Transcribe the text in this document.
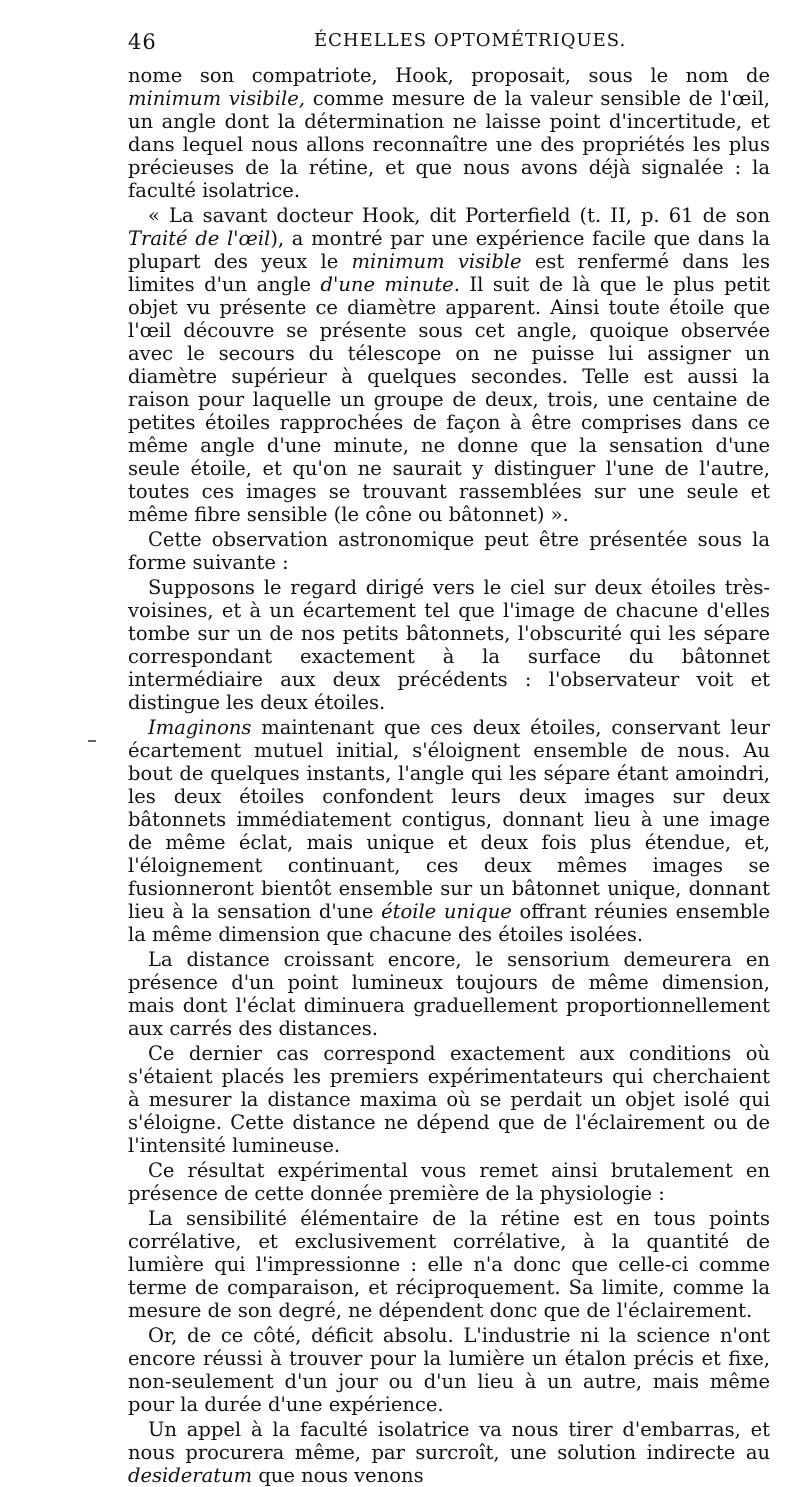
46	ÉCHELLES OPTOMÉTRIQUES.

nome son compatriote, Hook, proposait, sous le nom de minimum visibile, comme mesure de la valeur sensible de l'œil, un angle dont la détermination ne laisse point d'incertitude, et dans lequel nous allons reconnaître une des propriétés les plus précieuses de la rétine, et que nous avons déjà signalée : la faculté isolatrice.

« La savant docteur Hook, dit Porterfield (t. II, p. 61 de son Traité de l'œil), a montré par une expérience facile que dans la plupart des yeux le minimum visible est renfermé dans les limites d'un angle d'une minute. Il suit de là que le plus petit objet vu présente ce diamètre apparent. Ainsi toute étoile que l'œil découvre se présente sous cet angle, quoique observée avec le secours du télescope on ne puisse lui assigner un diamètre supérieur à quelques secondes. Telle est aussi la raison pour laquelle un groupe de deux, trois, une centaine de petites étoiles rapprochées de façon à être comprises dans ce même angle d'une minute, ne donne que la sensation d'une seule étoile, et qu'on ne saurait y distinguer l'une de l'autre, toutes ces images se trouvant rassemblées sur une seule et même fibre sensible (le cône ou bâtonnet) ».

Cette observation astronomique peut être présentée sous la forme suivante :

Supposons le regard dirigé vers le ciel sur deux étoiles très-voisines, et à un écartement tel que l'image de chacune d'elles tombe sur un de nos petits bâtonnets, l'obscurité qui les sépare correspondant exactement à la surface du bâtonnet intermédiaire aux deux précédents : l'observateur voit et distingue les deux étoiles.

Imaginons maintenant que ces deux étoiles, conservant leur écartement mutuel initial, s'éloignent ensemble de nous. Au bout de quelques instants, l'angle qui les sépare étant amoindri, les deux étoiles confondent leurs deux images sur deux bâtonnets immédiatement contigus, donnant lieu à une image de même éclat, mais unique et deux fois plus étendue, et, l'éloignement continuant, ces deux mêmes images se fusionneront bientôt ensemble sur un bâtonnet unique, donnant lieu à la sensation d'une étoile unique offrant réunies ensemble la même dimension que chacune des étoiles isolées.

La distance croissant encore, le sensorium demeurera en présence d'un point lumineux toujours de même dimension, mais dont l'éclat diminuera graduellement proportionnellement aux carrés des distances.

Ce dernier cas correspond exactement aux conditions où s'étaient placés les premiers expérimentateurs qui cherchaient à mesurer la distance maxima où se perdait un objet isolé qui s'éloigne. Cette distance ne dépend que de l'éclairement ou de l'intensité lumineuse.

Ce résultat expérimental vous remet ainsi brutalement en présence de cette donnée première de la physiologie :

La sensibilité élémentaire de la rétine est en tous points corrélative, et exclusivement corrélative, à la quantité de lumière qui l'impressionne : elle n'a donc que celle-ci comme terme de comparaison, et réciproquement. Sa limite, comme la mesure de son degré, ne dépendent donc que de l'éclairement.

Or, de ce côté, déficit absolu. L'industrie ni la science n'ont encore réussi à trouver pour la lumière un étalon précis et fixe, non-seulement d'un jour ou d'un lieu à un autre, mais même pour la durée d'une expérience.

Un appel à la faculté isolatrice va nous tirer d'embarras, et nous procurera même, par surcroît, une solution indirecte au desideratum que nous venons
